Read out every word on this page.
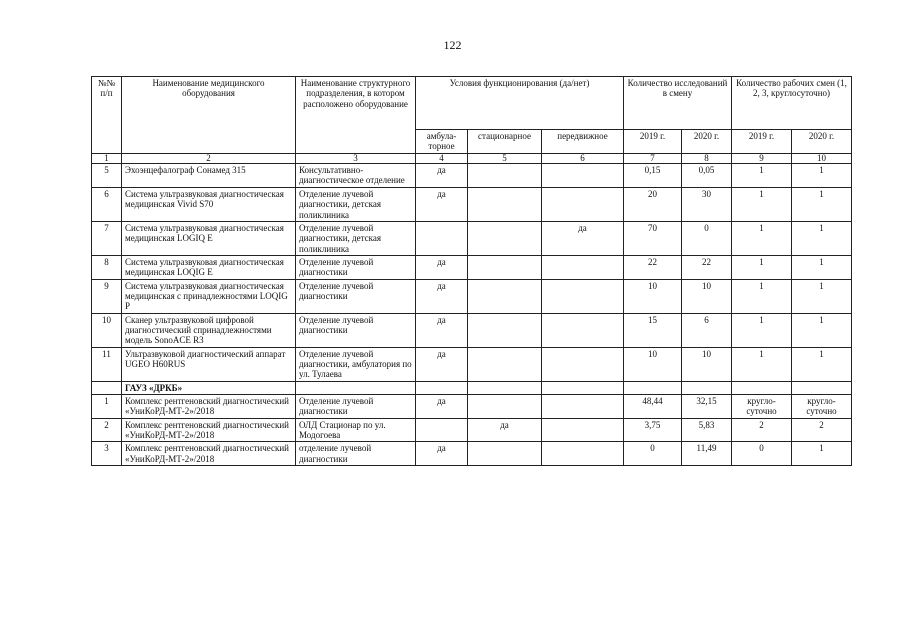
122
№№ п/п	Наименование медицинского оборудования	Наименование структурного подразделения, в котором расположено оборудование	Условия функционирования (да/нет)			Количество исследований в смену		Количество рабочих смен (1, 2, 3, круглосуточно)	
			амбула-торное	стационарное	передвижное	2019 г.	2020 г.	2019 г.	2020 г.
1	2	3	4	5	6	7	8	9	10
5	Эхоэнцефалограф Сонамед 315	Консультативно-диагностическое отделение	да			0,15	0,05	1	1
6	Система ультразвуковая диагностическая медицинская Vivid S70	Отделение лучевой диагностики, детская поликлиника	да			20	30	1	1
7	Система ультразвуковая диагностическая медицинская LOGIQ E	Отделение лучевой диагностики, детская поликлиника			да	70	0	1	1
8	Система ультразвуковая диагностическая медицинская LOQIG E	Отделение лучевой диагностики	да			22	22	1	1
9	Система ультразвуковая диагностическая медицинская с принадлежностями LOQIG P	Отделение лучевой диагностики	да			10	10	1	1
10	Сканер ультразвуковой цифровой диагностический спринадлежностями модель SonoACE R3	Отделение лучевой диагностики	да			15	6	1	1
11	Ультразвуковой диагностический аппарат UGEO H60RUS	Отделение лучевой диагностики, амбулатория по ул. Тулаева	да			10	10	1	1
	ГАУЗ «ДРКБ»								
1	Комплекс рентгеновский диагностический «УниКоРД-МТ-2»/2018	Отделение лучевой диагностики	да			48,44	32,15	кругло-суточно	кругло-суточно
2	Комплекс рентгеновский диагностический «УниКоРД-МТ-2»/2018	ОЛД Стационар по ул. Модогоева		да		3,75	5,83	2	2
3	Комплекс рентгеновский диагностический «УниКоРД-МТ-2»/2018	отделение лучевой диагностики	да			0	11,49	0	1
